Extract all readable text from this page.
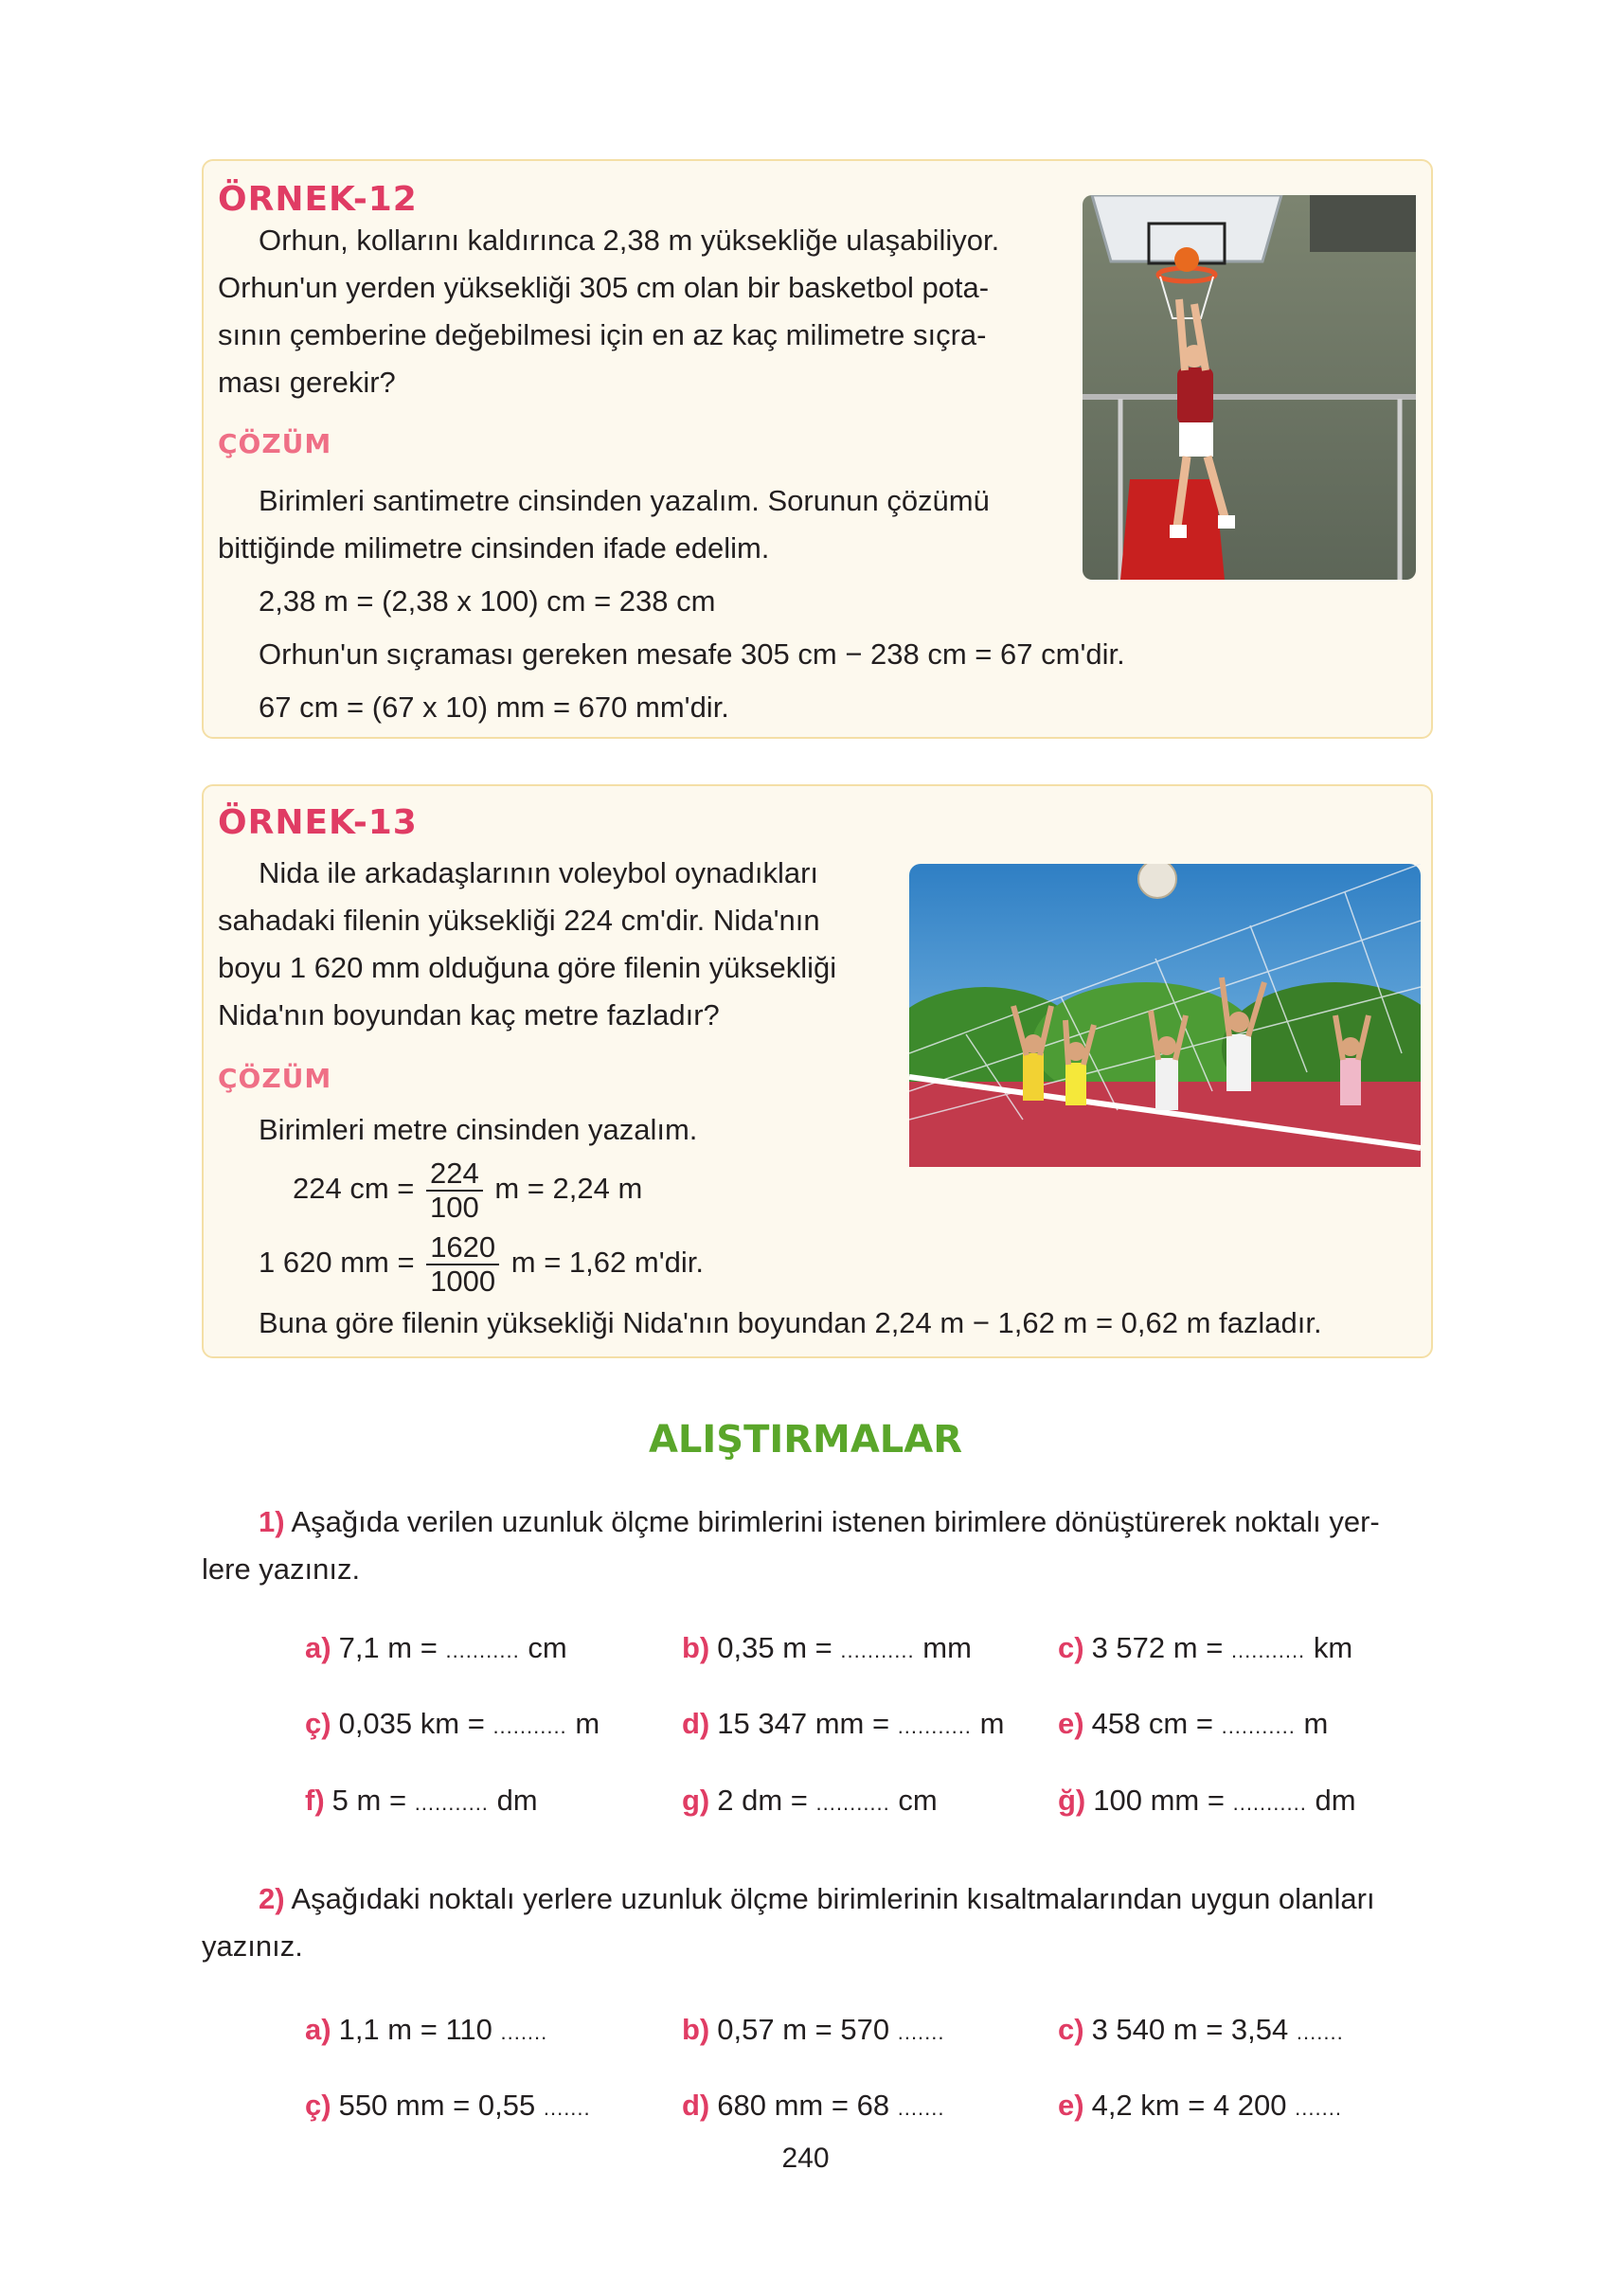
ÖRNEK-12
Orhun, kollarını kaldırınca 2,38 m yüksekliğe ulaşabiliyor.
Orhun'un yerden yüksekliği 305 cm olan bir basketbol pota-
sının çemberine değebilmesi için en az kaç milimetre sıçra-
ması gerekir?
ÇÖZÜM
Birimleri santimetre cinsinden yazalım. Sorunun çözümü
bittiğinde milimetre cinsinden ifade edelim.
2,38 m = (2,38 x 100) cm = 238 cm
Orhun'un sıçraması gereken mesafe 305 cm − 238 cm = 67 cm'dir.
67 cm = (67 x 10) mm = 670 mm'dir.
ÖRNEK-13
Nida ile arkadaşlarının voleybol oynadıkları
sahadaki filenin yüksekliği 224 cm'dir. Nida'nın
boyu 1 620 mm olduğuna göre filenin yüksekliği
Nida'nın boyundan kaç metre fazladır?
ÇÖZÜM
Birimleri metre cinsinden yazalım.
224 cm = $\frac{224}{100}$ m = 2,24 m
1 620 mm = $\frac{1620}{1000}$ m = 1,62 m'dir.
Buna göre filenin yüksekliği Nida'nın boyundan 2,24 m − 1,62 m = 0,62 m fazladır.
ALIŞTIRMALAR
1) Aşağıda verilen uzunluk ölçme birimlerini istenen birimlere dönüştürerek noktalı yer-
lere yazınız.
a) 7,1 m = ........... cm	b) 0,35 m = ........... mm	c) 3 572 m = ........... km
ç) 0,035 km = ........... m	d) 15 347 mm = ........... m e) 458 cm = ........... m
f) 5 m = ........... dm	g) 2 dm = ........... cm	ğ) 100 mm = ........... dm
2) Aşağıdaki noktalı yerlere uzunluk ölçme birimlerinin kısaltmalarından uygun olanları
yazınız.
a) 1,1 m = 110 .......	b) 0,57 m = 570 .......	c) 3 540 m = 3,54 .......
ç) 550 mm = 0,55 .......	d) 680 mm = 68 .......	e) 4,2 km = 4 200 .......
240
